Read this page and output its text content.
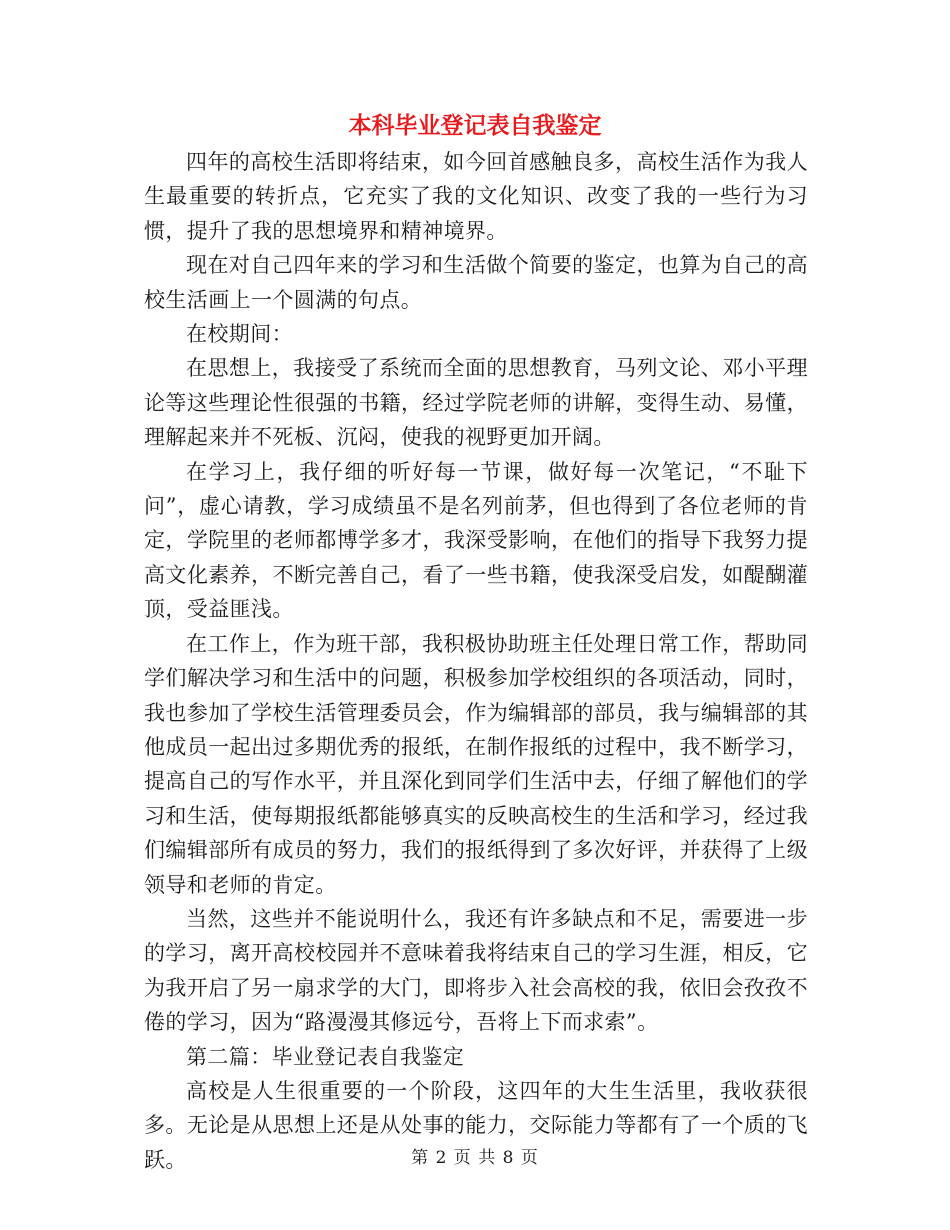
本科毕业登记表自我鉴定

四年的高校生活即将结束，如今回首感触良多，高校生活作为我人生最重要的转折点，它充实了我的文化知识、改变了我的一些行为习惯，提升了我的思想境界和精神境界。

现在对自己四年来的学习和生活做个简要的鉴定，也算为自己的高校生活画上一个圆满的句点。

在校期间：

在思想上，我接受了系统而全面的思想教育，马列文论、邓小平理论等这些理论性很强的书籍，经过学院老师的讲解，变得生动、易懂，理解起来并不死板、沉闷，使我的视野更加开阔。

在学习上，我仔细的听好每一节课，做好每一次笔记，“不耻下问”，虚心请教，学习成绩虽不是名列前茅，但也得到了各位老师的肯定，学院里的老师都博学多才，我深受影响，在他们的指导下我努力提高文化素养，不断完善自己，看了一些书籍，使我深受启发，如醍醐灌顶，受益匪浅。

在工作上，作为班干部，我积极协助班主任处理日常工作，帮助同学们解决学习和生活中的问题，积极参加学校组织的各项活动，同时，我也参加了学校生活管理委员会，作为编辑部的部员，我与编辑部的其他成员一起出过多期优秀的报纸，在制作报纸的过程中，我不断学习，提高自己的写作水平，并且深化到同学们生活中去，仔细了解他们的学习和生活，使每期报纸都能够真实的反映高校生的生活和学习，经过我们编辑部所有成员的努力，我们的报纸得到了多次好评，并获得了上级领导和老师的肯定。

当然，这些并不能说明什么，我还有许多缺点和不足，需要进一步的学习，离开高校校园并不意味着我将结束自己的学习生涯，相反，它为我开启了另一扇求学的大门，即将步入社会高校的我，依旧会孜孜不倦的学习，因为“路漫漫其修远兮，吾将上下而求索”。

第二篇：毕业登记表自我鉴定

高校是人生很重要的一个阶段，这四年的大生生活里，我收获很多。无论是从思想上还是从处事的能力，交际能力等都有了一个质的飞跃。	第 2 页 共 8 页
